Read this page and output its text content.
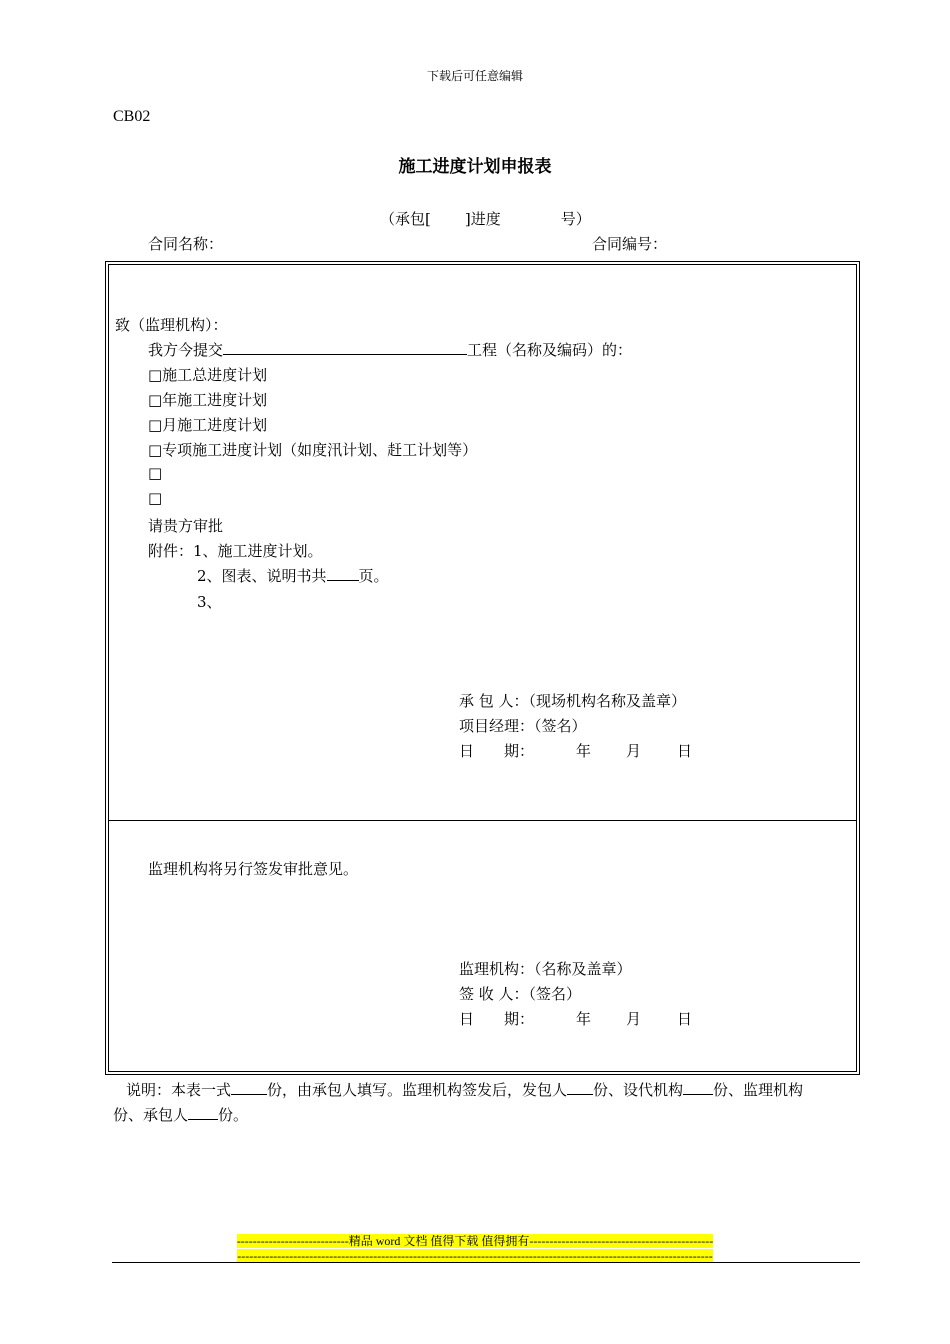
下载后可任意编辑
CB02
施工进度计划申报表
（承包[ ]进度	号）
合同名称：	合同编号：
致（监理机构）：
我方今提交	工程（名称及编码）的：
□施工总进度计划
□年施工进度计划
□月施工进度计划
□专项施工进度计划（如度汛计划、赶工计划等）
□
□
请贵方审批
附件：1、施工进度计划。
2、图表、说明书共 页。
3、
承 包 人：（现场机构名称及盖章）
项目经理：（签名）
日　　期：	年 月 日
监理机构将另行签发审批意见。
监理机构：（名称及盖章）
签 收 人：（签名）
日　　期：	年 月 日
说明：本表一式 份，由承包人填写。监理机构签发后，发包人 份、设代机构 份、监理机构
份、承包人 份。
----------------------------精品 word 文档 值得下载 值得拥有----------------------------------------------
-----------------------------------------------------------------------------------------------------------------------
